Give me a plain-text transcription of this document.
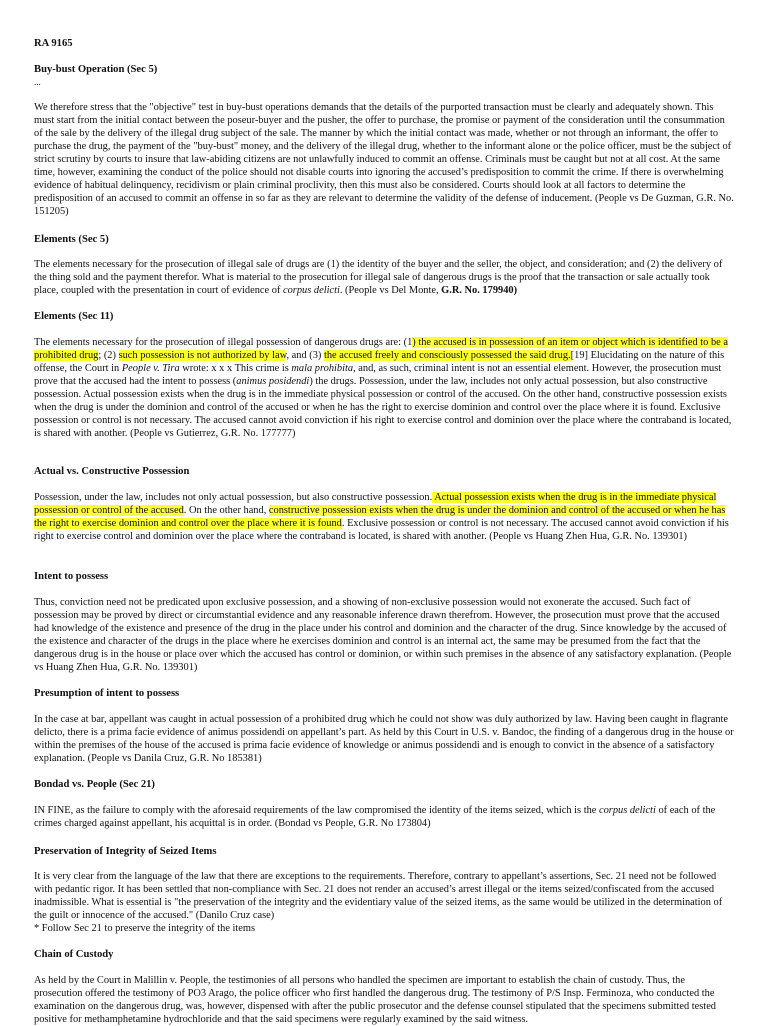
RA 9165
Buy-bust Operation (Sec 5)
...

We therefore stress that the "objective" test in buy-bust operations demands that the details of the purported transaction must be clearly and adequately shown. This must start from the initial contact between the poseur-buyer and the pusher, the offer to purchase, the promise or payment of the consideration until the consummation of the sale by the delivery of the illegal drug subject of the sale. The manner by which the initial contact was made, whether or not through an informant, the offer to purchase the drug, the payment of the "buy-bust" money, and the delivery of the illegal drug, whether to the informant alone or the police officer, must be the subject of strict scrutiny by courts to insure that law-abiding citizens are not unlawfully induced to commit an offense. Criminals must be caught but not at all cost. At the same time, however, examining the conduct of the police should not disable courts into ignoring the accused’s predisposition to commit the crime. If there is overwhelming evidence of habitual delinquency, recidivism or plain criminal proclivity, then this must also be considered. Courts should look at all factors to determine the predisposition of an accused to commit an offense in so far as they are relevant to determine the validity of the defense of inducement. (People vs De Guzman, G.R. No. 151205)

Elements (Sec 5)

The elements necessary for the prosecution of illegal sale of drugs are (1) the identity of the buyer and the seller, the object, and consideration; and (2) the delivery of the thing sold and the payment therefor. What is material to the prosecution for illegal sale of dangerous drugs is the proof that the transaction or sale actually took place, coupled with the presentation in court of evidence of corpus delicti. (People vs Del Monte, G.R. No. 179940)

Elements (Sec 11)

The elements necessary for the prosecution of illegal possession of dangerous drugs are: (1) the accused is in possession of an item or object which is identified to be a prohibited drug; (2) such possession is not authorized by law, and (3) the accused freely and consciously possessed the said drug.[19] Elucidating on the nature of this offense, the Court in People v. Tira wrote: x x x This crime is mala prohibita, and, as such, criminal intent is not an essential element. However, the prosecution must prove that the accused had the intent to possess (animus posidendi) the drugs. Possession, under the law, includes not only actual possession, but also constructive possession. Actual possession exists when the drug is in the immediate physical possession or control of the accused. On the other hand, constructive possession exists when the drug is under the dominion and control of the accused or when he has the right to exercise dominion and control over the place where it is found. Exclusive possession or control is not necessary. The accused cannot avoid conviction if his right to exercise control and dominion over the place where the contraband is located, is shared with another. (People vs Gutierrez, G.R. No. 177777)

Actual vs. Constructive Possession

Possession, under the law, includes not only actual possession, but also constructive possession. Actual possession exists when the drug is in the immediate physical possession or control of the accused. On the other hand, constructive possession exists when the drug is under the dominion and control of the accused or when he has the right to exercise dominion and control over the place where it is found. Exclusive possession or control is not necessary. The accused cannot avoid conviction if his right to exercise control and dominion over the place where the contraband is located, is shared with another. (People vs Huang Zhen Hua, G.R. No. 139301)

Intent to possess

Thus, conviction need not be predicated upon exclusive possession, and a showing of non-exclusive possession would not exonerate the accused. Such fact of possession may be proved by direct or circumstantial evidence and any reasonable inference drawn therefrom. However, the prosecution must prove that the accused had knowledge of the existence and presence of the drug in the place under his control and dominion and the character of the drug. Since knowledge by the accused of the existence and character of the drugs in the place where he exercises dominion and control is an internal act, the same may be presumed from the fact that the dangerous drug is in the house or place over which the accused has control or dominion, or within such premises in the absence of any satisfactory explanation. (People vs Huang Zhen Hua, G.R. No. 139301)

Presumption of intent to possess

In the case at bar, appellant was caught in actual possession of a prohibited drug which he could not show was duly authorized by law. Having been caught in flagrante delicto, there is a prima facie evidence of animus possidendi on appellant’s part. As held by this Court in U.S. v. Bandoc, the finding of a dangerous drug in the house or within the premises of the house of the accused is prima facie evidence of knowledge or animus possidendi and is enough to convict in the absence of a satisfactory explanation. (People vs Danila Cruz, G.R. No 185381)

Bondad vs. People (Sec 21)

IN FINE, as the failure to comply with the aforesaid requirements of the law compromised the identity of the items seized, which is the corpus delicti of each of the crimes charged against appellant, his acquittal is in order. (Bondad vs People, G.R. No 173804)

Preservation of Integrity of Seized Items

It is very clear from the language of the law that there are exceptions to the requirements. Therefore, contrary to appellant’s assertions, Sec. 21 need not be followed with pedantic rigor. It has been settled that non-compliance with Sec. 21 does not render an accused’s arrest illegal or the items seized/confiscated from the accused inadmissible. What is essential is "the preservation of the integrity and the evidentiary value of the seized items, as the same would be utilized in the determination of the guilt or innocence of the accused." (Danilo Cruz case)

* Follow Sec 21 to preserve the integrity of the items
Chain of Custody

As held by the Court in Malillin v. People, the testimonies of all persons who handled the specimen are important to establish the chain of custody. Thus, the prosecution offered the testimony of PO3 Arago, the police officer who first handled the dangerous drug. The testimony of P/S Insp. Ferminoza, who conducted the examination on the dangerous drug, was, however, dispensed with after the public prosecutor and the defense counsel stipulated that the specimens submitted tested positive for methamphetamine hydrochloride and that the said specimens were regularly examined by the said witness.
